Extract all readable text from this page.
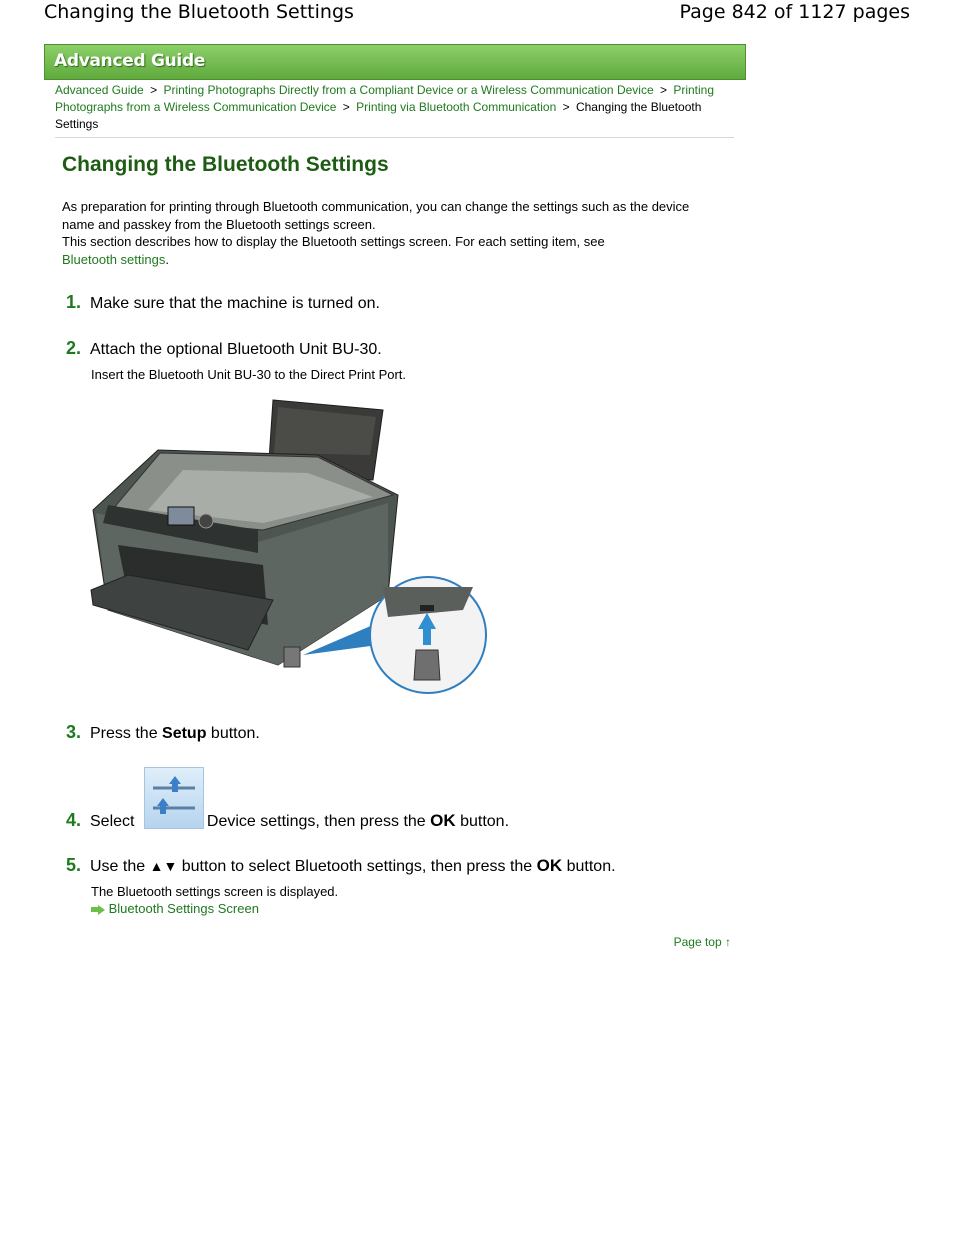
Changing the Bluetooth Settings	Page 842 of 1127 pages
Advanced Guide
Advanced Guide > Printing Photographs Directly from a Compliant Device or a Wireless Communication Device > Printing Photographs from a Wireless Communication Device > Printing via Bluetooth Communication > Changing the Bluetooth Settings
Changing the Bluetooth Settings
As preparation for printing through Bluetooth communication, you can change the settings such as the device name and passkey from the Bluetooth settings screen.
This section describes how to display the Bluetooth settings screen. For each setting item, see
Bluetooth settings.
1. Make sure that the machine is turned on.
2. Attach the optional Bluetooth Unit BU-30.
Insert the Bluetooth Unit BU-30 to the Direct Print Port.
3. Press the Setup button.
4. Select	Device settings, then press the OK button.
5. Use the ▲▼ button to select Bluetooth settings, then press the OK button.
The Bluetooth settings screen is displayed.
Bluetooth Settings Screen
Page top ↑
